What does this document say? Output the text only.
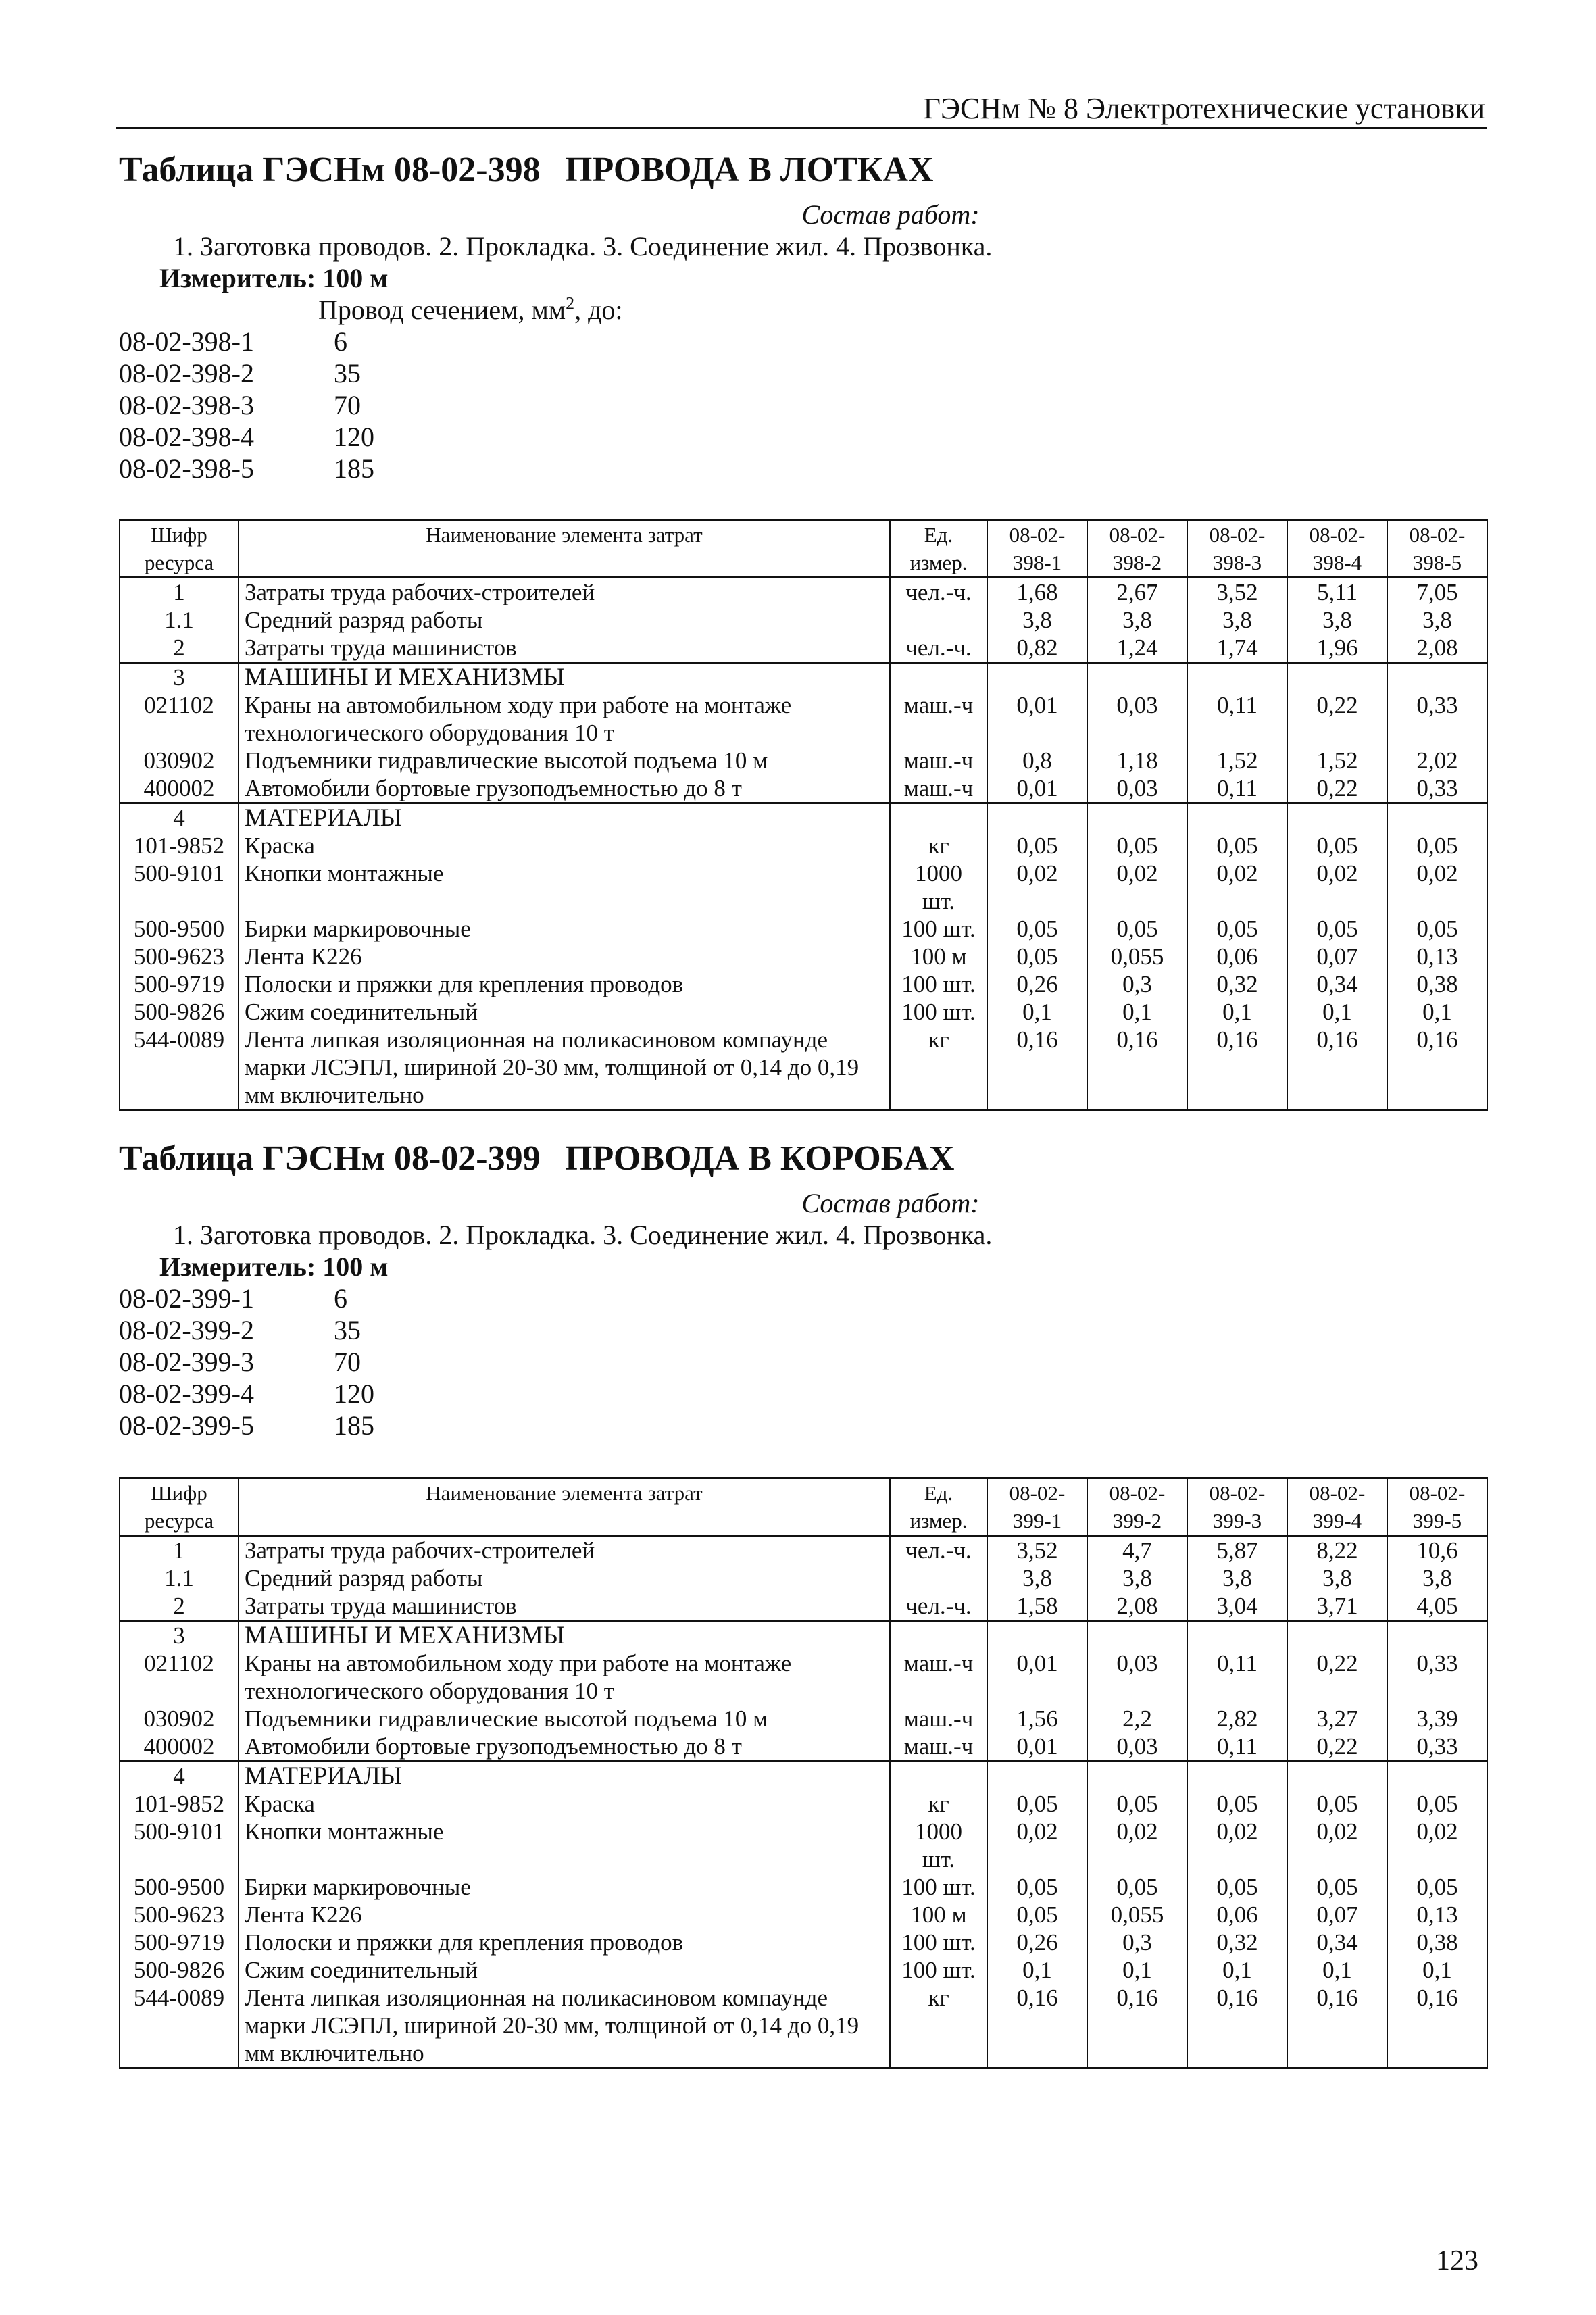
ГЭСНм № 8 Электротехнические установки
Таблица ГЭСНм 08-02-398 ПРОВОДА В ЛОТКАХ
Состав работ:
1. Заготовка проводов. 2. Прокладка. 3. Соединение жил. 4. Прозвонка.
Измеритель: 100 м
Провод сечением, $мм^2$, до:
08-02-398-1	6
08-02-398-2	35
08-02-398-3	70
08-02-398-4	120
08-02-398-5	185
Шифр ресурса	Наименование элемента затрат	Ед. измер.	08-02-398-1	08-02-398-2	08-02-398-3	08-02-398-4	08-02-398-5
1	Затраты труда рабочих-строителей	чел.-ч.	1,68	2,67	3,52	5,11	7,05
1.1	Средний разряд работы		3,8	3,8	3,8	3,8	3,8
2	Затраты труда машинистов	чел.-ч.	0,82	1,24	1,74	1,96	2,08
3	МАШИНЫ И МЕХАНИЗМЫ						
021102	Краны на автомобильном ходу при работе на монтаже технологического оборудования 10 т	маш.-ч	0,01	0,03	0,11	0,22	0,33
030902	Подъемники гидравлические высотой подъема 10 м	маш.-ч	0,8	1,18	1,52	1,52	2,02
400002	Автомобили бортовые грузоподъемностью до 8 т	маш.-ч	0,01	0,03	0,11	0,22	0,33
4	МАТЕРИАЛЫ						
101-9852	Краска	кг	0,05	0,05	0,05	0,05	0,05
500-9101	Кнопки монтажные	1000 шт.	0,02	0,02	0,02	0,02	0,02
500-9500	Бирки маркировочные	100 шт.	0,05	0,05	0,05	0,05	0,05
500-9623	Лента К226	100 м	0,05	0,055	0,06	0,07	0,13
500-9719	Полоски и пряжки для крепления проводов	100 шт.	0,26	0,3	0,32	0,34	0,38
500-9826	Сжим соединительный	100 шт.	0,1	0,1	0,1	0,1	0,1
544-0089	Лента липкая изоляционная на поликасиновом компаунде марки ЛСЭПЛ, шириной 20-30 мм, толщиной от 0,14 до 0,19 мм включительно	кг	0,16	0,16	0,16	0,16	0,16
Таблица ГЭСНм 08-02-399 ПРОВОДА В КОРОБАХ
Состав работ:
1. Заготовка проводов. 2. Прокладка. 3. Соединение жил. 4. Прозвонка.
Измеритель: 100 м
08-02-399-1	6
08-02-399-2	35
08-02-399-3	70
08-02-399-4	120
08-02-399-5	185
Шифр ресурса	Наименование элемента затрат	Ед. измер.	08-02-399-1	08-02-399-2	08-02-399-3	08-02-399-4	08-02-399-5
1	Затраты труда рабочих-строителей	чел.-ч.	3,52	4,7	5,87	8,22	10,6
1.1	Средний разряд работы		3,8	3,8	3,8	3,8	3,8
2	Затраты труда машинистов	чел.-ч.	1,58	2,08	3,04	3,71	4,05
3	МАШИНЫ И МЕХАНИЗМЫ						
021102	Краны на автомобильном ходу при работе на монтаже технологического оборудования 10 т	маш.-ч	0,01	0,03	0,11	0,22	0,33
030902	Подъемники гидравлические высотой подъема 10 м	маш.-ч	1,56	2,2	2,82	3,27	3,39
400002	Автомобили бортовые грузоподъемностью до 8 т	маш.-ч	0,01	0,03	0,11	0,22	0,33
4	МАТЕРИАЛЫ						
101-9852	Краска	кг	0,05	0,05	0,05	0,05	0,05
500-9101	Кнопки монтажные	1000 шт.	0,02	0,02	0,02	0,02	0,02
500-9500	Бирки маркировочные	100 шт.	0,05	0,05	0,05	0,05	0,05
500-9623	Лента К226	100 м	0,05	0,055	0,06	0,07	0,13
500-9719	Полоски и пряжки для крепления проводов	100 шт.	0,26	0,3	0,32	0,34	0,38
500-9826	Сжим соединительный	100 шт.	0,1	0,1	0,1	0,1	0,1
544-0089	Лента липкая изоляционная на поликасиновом компаунде марки ЛСЭПЛ, шириной 20-30 мм, толщиной от 0,14 до 0,19 мм включительно	кг	0,16	0,16	0,16	0,16	0,16
123
